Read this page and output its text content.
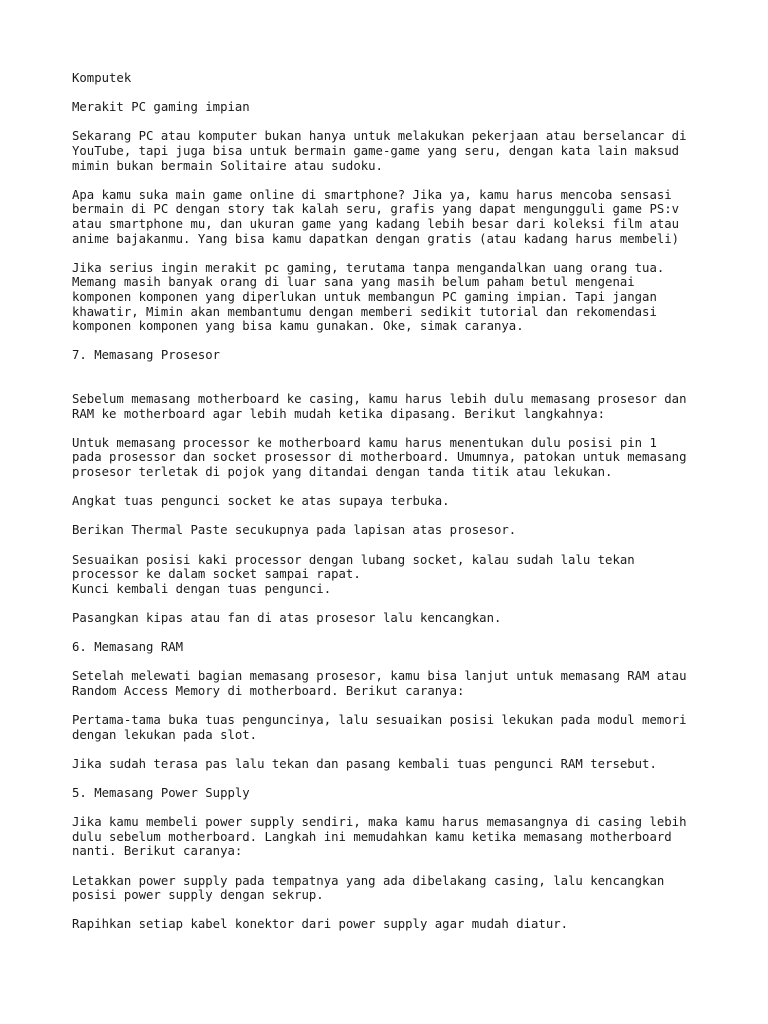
Komputek

Merakit PC gaming impian

Sekarang PC atau komputer bukan hanya untuk melakukan pekerjaan atau berselancar di
YouTube, tapi juga bisa untuk bermain game-game yang seru, dengan kata lain maksud
mimin bukan bermain Solitaire atau sudoku.

Apa kamu suka main game online di smartphone? Jika ya, kamu harus mencoba sensasi
bermain di PC dengan story tak kalah seru, grafis yang dapat mengungguli game PS:v
atau smartphone mu, dan ukuran game yang kadang lebih besar dari koleksi film atau
anime bajakanmu. Yang bisa kamu dapatkan dengan gratis (atau kadang harus membeli)

Jika serius ingin merakit pc gaming, terutama tanpa mengandalkan uang orang tua.
Memang masih banyak orang di luar sana yang masih belum paham betul mengenai
komponen komponen yang diperlukan untuk membangun PC gaming impian. Tapi jangan
khawatir, Mimin akan membantumu dengan memberi sedikit tutorial dan rekomendasi
komponen komponen yang bisa kamu gunakan. Oke, simak caranya.

7. Memasang Prosesor

Sebelum memasang motherboard ke casing, kamu harus lebih dulu memasang prosesor dan
RAM ke motherboard agar lebih mudah ketika dipasang. Berikut langkahnya:

Untuk memasang processor ke motherboard kamu harus menentukan dulu posisi pin 1
pada prosessor dan socket prosessor di motherboard. Umumnya, patokan untuk memasang
prosesor terletak di pojok yang ditandai dengan tanda titik atau lekukan.

Angkat tuas pengunci socket ke atas supaya terbuka.

Berikan Thermal Paste secukupnya pada lapisan atas prosesor.

Sesuaikan posisi kaki processor dengan lubang socket, kalau sudah lalu tekan
processor ke dalam socket sampai rapat.
Kunci kembali dengan tuas pengunci.

Pasangkan kipas atau fan di atas prosesor lalu kencangkan.

6. Memasang RAM

Setelah melewati bagian memasang prosesor, kamu bisa lanjut untuk memasang RAM atau
Random Access Memory di motherboard. Berikut caranya:

Pertama-tama buka tuas penguncinya, lalu sesuaikan posisi lekukan pada modul memori
dengan lekukan pada slot.

Jika sudah terasa pas lalu tekan dan pasang kembali tuas pengunci RAM tersebut.

5. Memasang Power Supply

Jika kamu membeli power supply sendiri, maka kamu harus memasangnya di casing lebih
dulu sebelum motherboard. Langkah ini memudahkan kamu ketika memasang motherboard
nanti. Berikut caranya:

Letakkan power supply pada tempatnya yang ada dibelakang casing, lalu kencangkan
posisi power supply dengan sekrup.

Rapihkan setiap kabel konektor dari power supply agar mudah diatur.
